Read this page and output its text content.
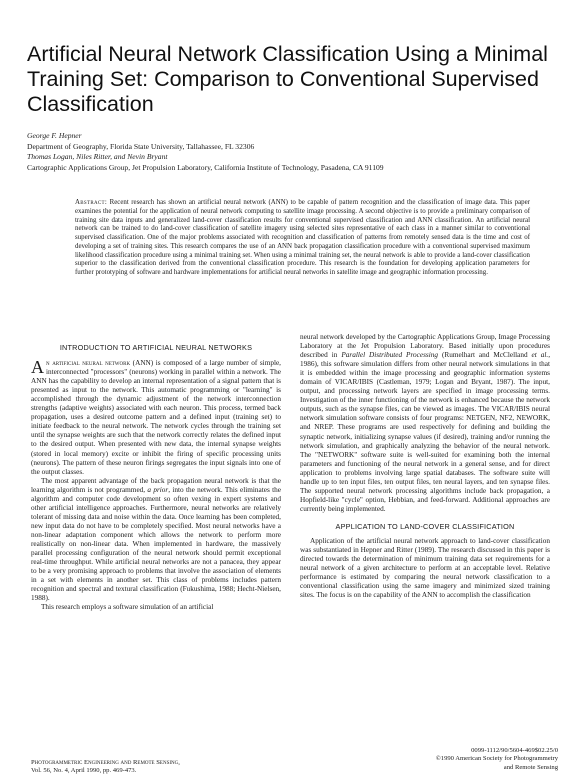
Artificial Neural Network Classification Using a Minimal Training Set: Comparison to Conventional Supervised Classification
George F. Hepner
Department of Geography, Florida State University, Tallahassee, FL 32306
Thomas Logan, Niles Ritter, and Nevin Bryant
Cartographic Applications Group, Jet Propulsion Laboratory, California Institute of Technology, Pasadena, CA 91109

Abstract: Recent research has shown an artificial neural network (ANN) to be capable of pattern recognition and the classification of image data. This paper examines the potential for the application of neural network computing to satellite image processing. A second objective is to provide a preliminary comparison of training site data inputs and generalized land-cover classification results for conventional supervised classification and ANN classification. An artificial neural network can be trained to do land-cover classification of satellite imagery using selected sites representative of each class in a manner similar to conventional supervised classification. One of the major problems associated with recognition and classification of patterns from remotely sensed data is the time and cost of developing a set of training sites. This research compares the use of an ANN back propagation classification procedure with a conventional supervised maximum likelihood classification procedure using a minimal training set. When using a minimal training set, the neural network is able to provide a land-cover classification superior to the classification derived from the conventional classification procedure. This research is the foundation for developing application parameters for further prototyping of software and hardware implementations for artificial neural networks in satellite image and geographic information processing.

INTRODUCTION TO ARTIFICIAL NEURAL NETWORKS

An artificial neural network (ANN) is composed of a large number of simple, interconnected "processors" (neurons) working in parallel within a network. The ANN has the capability to develop an internal representation of a signal pattern that is presented as input to the network. This automatic programming or "learning" is accomplished through the dynamic adjustment of the network interconnection strengths (adaptive weights) associated with each neuron. This process, termed back propagation, uses a desired outcome pattern and a defined input (training set) to initiate feedback to the neural network. The network cycles through the training set until the synapse weights are such that the network correctly relates the defined input to the desired output. When presented with new data, the internal synapse weights (stored in local memory) excite or inhibit the firing of specific processing units (neurons). The pattern of these neuron firings segregates the input signals into one of the output classes.

The most apparent advantage of the back propagation neural network is that the learning algorithm is not programmed, a prior, into the network. This eliminates the algorithm and computer code development so often vexing in expert systems and other artificial intelligence approaches. Furthermore, neural networks are relatively tolerant of missing data and noise within the data. Once learning has been completed, new input data do not have to be completely specified. Most neural networks have a non-linear adaptation component which allows the network to perform more realistically on non-linear data. When implemented in hardware, the massively parallel processing configuration of the neural network should permit exceptional real-time throughput. While artificial neural networks are not a panacea, they appear to be a very promising approach to problems that involve the association of elements in a set with elements in another set. This class of problems includes pattern recognition and spectral and textural classification (Fukushima, 1988; Hecht-Nielsen, 1988).

This research employs a software simulation of an artificial

neural network developed by the Cartographic Applications Group, Image Processing Laboratory at the Jet Propulsion Laboratory. Based initially upon procedures described in Parallel Distributed Processing (Rumelhart and McClelland et al., 1986), this software simulation differs from other neural network simulations in that it is embedded within the image processing and geographic information systems domain of VICAR/IBIS (Castleman, 1979; Logan and Bryant, 1987). The input, output, and processing network layers are specified in image processing terms. Investigation of the inner functioning of the network is enhanced because the network outputs, such as the synapse files, can be viewed as images. The VICAR/IBIS neural network simulation software consists of four programs: NETGEN, NF2, NEWORK, and NREP. These programs are used respectively for defining and building the synaptic network, initializing synapse values (if desired), training and/or running the network simulation, and graphically analyzing the behavior of the neural network. The "NETWORK" software suite is well-suited for examining both the internal parameters and functioning of the neural network in a general sense, and for direct application to problems involving large spatial databases. The software suite will handle up to ten input files, ten output files, ten neural layers, and ten synapse files. The supported neural network processing algorithms include back propagation, a Hopfield-like "cycle" option, Hebbian, and feed-forward. Additional approaches are currently being implemented.

APPLICATION TO LAND-COVER CLASSIFICATION

Application of the artificial neural network approach to land-cover classification was substantiated in Hepner and Ritter (1989). The research discussed in this paper is directed towards the determination of minimum training data set requirements for a neural network of a given architecture to perform at an acceptable level. Relative performance is estimated by comparing the neural network classification to a conventional classification using the same imagery and minimized sized training sites. The focus is on the capability of the ANN to accomplish the classification

Photogrammetric Engineering and Remote Sensing,
Vol. 56, No. 4, April 1990, pp. 469-473.
0099-1112/90/5604-469$02.25/0
©1990 American Society for Photogrammetry
and Remote Sensing
